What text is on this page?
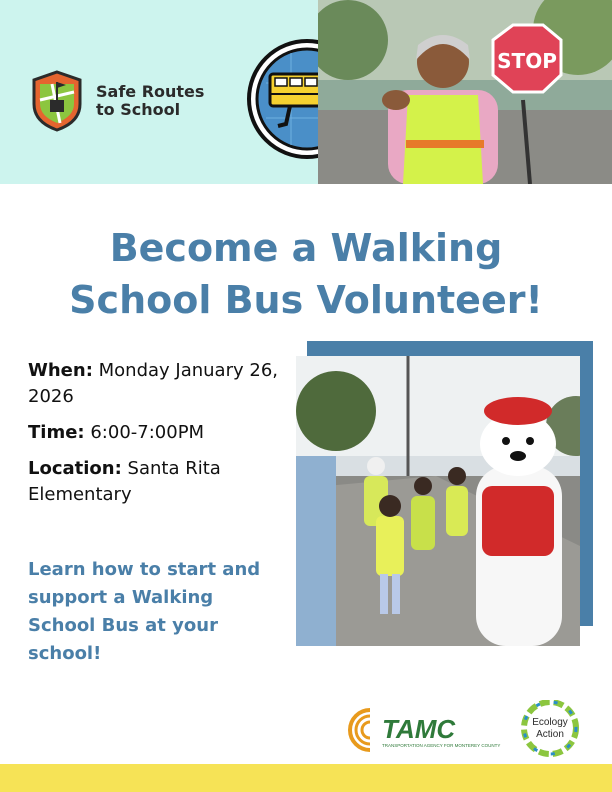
Safe Routes
to School
STOP
Become a Walking
School Bus Volunteer!

When: Monday January 26, 2026

Time: 6:00-7:00PM

Location: Santa Rita Elementary

Learn how to start and support a Walking School Bus at your school!
TAMC
TRANSPORTATION AGENCY FOR MONTEREY COUNTY
Ecology
Action
